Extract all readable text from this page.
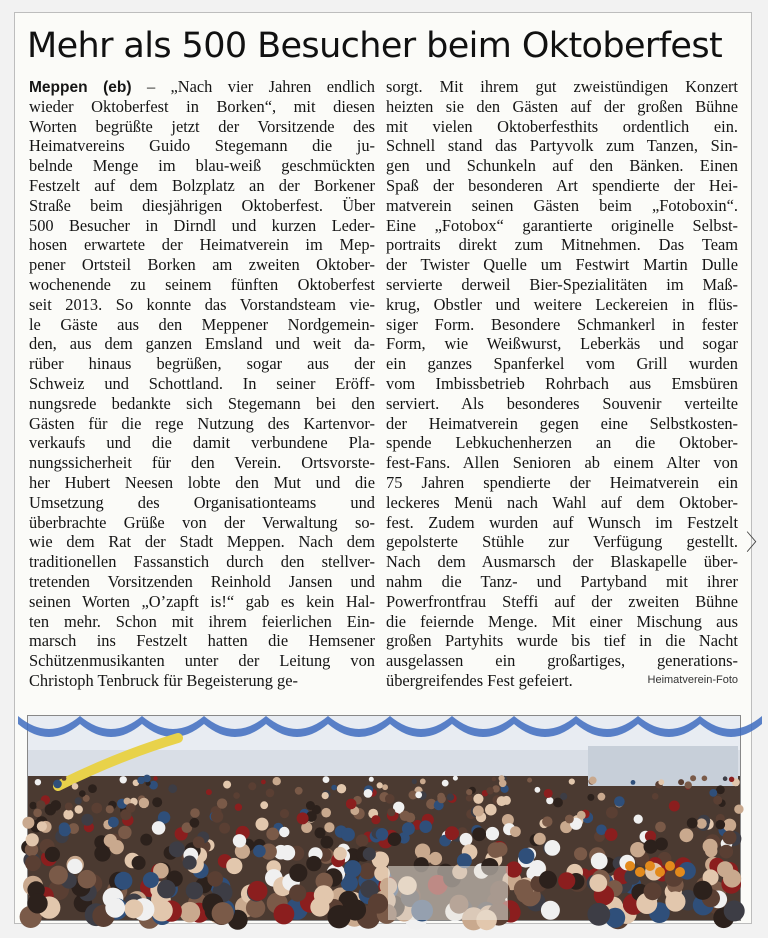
Mehr als 500 Besucher beim Oktoberfest
Meppen (eb) – „Nach vier Jahren endlich
wieder Oktoberfest in Borken“, mit diesen
Worten begrüßte jetzt der Vorsitzende des
Heimatvereins Guido Stegemann die ju-
belnde Menge im blau-weiß geschmückten
Festzelt auf dem Bolzplatz an der Borkener
Straße beim diesjährigen Oktoberfest. Über
500 Besucher in Dirndl und kurzen Leder-
hosen erwartete der Heimatverein im Mep-
pener Ortsteil Borken am zweiten Oktober-
wochenende zu seinem fünften Oktoberfest
seit 2013. So konnte das Vorstandsteam vie-
le Gäste aus den Meppener Nordgemein-
den, aus dem ganzen Emsland und weit da-
rüber hinaus begrüßen, sogar aus der
Schweiz und Schottland. In seiner Eröff-
nungsrede bedankte sich Stegemann bei den
Gästen für die rege Nutzung des Kartenvor-
verkaufs und die damit verbundene Pla-
nungssicherheit für den Verein. Ortsvorste-
her Hubert Neesen lobte den Mut und die
Umsetzung des Organisationteams und
überbrachte Grüße von der Verwaltung so-
wie dem Rat der Stadt Meppen. Nach dem
traditionellen Fassanstich durch den stellver-
tretenden Vorsitzenden Reinhold Jansen und
seinen Worten „O’zapft is!“ gab es kein Hal-
ten mehr. Schon mit ihrem feierlichen Ein-
marsch ins Festzelt hatten die Hemsener
Schützenmusikanten unter der Leitung von
Christoph Tenbruck für Begeisterung ge-
sorgt. Mit ihrem gut zweistündigen Konzert
heizten sie den Gästen auf der großen Bühne
mit vielen Oktoberfesthits ordentlich ein.
Schnell stand das Partyvolk zum Tanzen, Sin-
gen und Schunkeln auf den Bänken. Einen
Spaß der besonderen Art spendierte der Hei-
matverein seinen Gästen beim „Fotoboxin“.
Eine „Fotobox“ garantierte originelle Selbst-
portraits direkt zum Mitnehmen. Das Team
der Twister Quelle um Festwirt Martin Dulle
servierte derweil Bier-Spezialitäten im Maß-
krug, Obstler und weitere Leckereien in flüs-
siger Form. Besondere Schmankerl in fester
Form, wie Weißwurst, Leberkäs und sogar
ein ganzes Spanferkel vom Grill wurden
vom Imbissbetrieb Rohrbach aus Emsbüren
serviert. Als besonderes Souvenir verteilte
der Heimatverein gegen eine Selbstkosten-
spende Lebkuchenherzen an die Oktober-
fest-Fans. Allen Senioren ab einem Alter von
75 Jahren spendierte der Heimatverein ein
leckeres Menü nach Wahl auf dem Oktober-
fest. Zudem wurden auf Wunsch im Festzelt
gepolsterte Stühle zur Verfügung gestellt.
Nach dem Ausmarsch der Blaskapelle über-
nahm die Tanz- und Partyband mit ihrer
Powerfrontfrau Steffi auf der zweiten Bühne
die feiernde Menge. Mit einer Mischung aus
großen Partyhits wurde bis tief in die Nacht
ausgelassen ein großartiges, generations-
übergreifendes Fest gefeiert.	Heimatverein-Foto
〉
